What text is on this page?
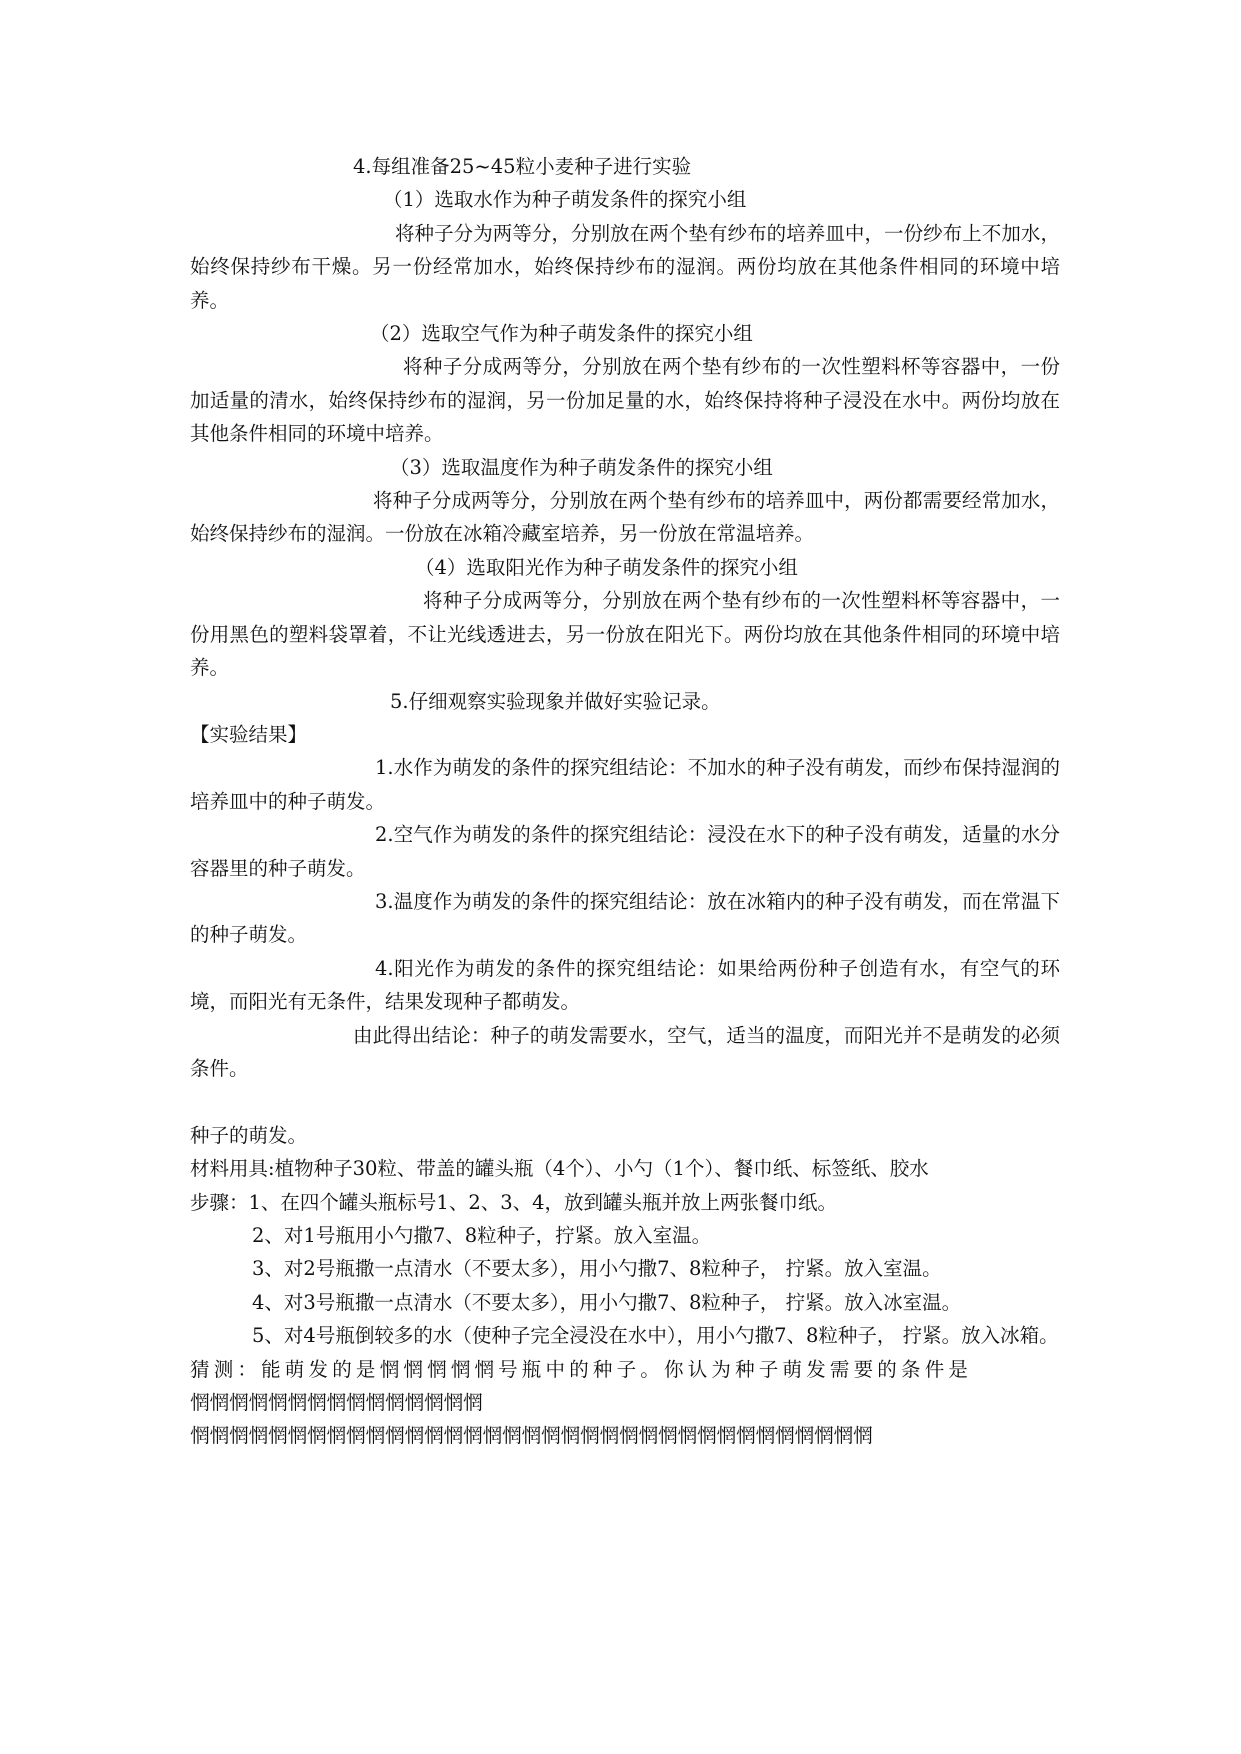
4.每组准备25~45粒小麦种子进行实验

（1）选取水作为种子萌发条件的探究小组

将种子分为两等分，分别放在两个垫有纱布的培养皿中，一份纱布上不加水，始终保持纱布干燥。另一份经常加水，始终保持纱布的湿润。两份均放在其他条件相同的环境中培养。

（2）选取空气作为种子萌发条件的探究小组

将种子分成两等分，分别放在两个垫有纱布的一次性塑料杯等容器中，一份加适量的清水，始终保持纱布的湿润，另一份加足量的水，始终保持将种子浸没在水中。两份均放在其他条件相同的环境中培养。

（3）选取温度作为种子萌发条件的探究小组

将种子分成两等分，分别放在两个垫有纱布的培养皿中，两份都需要经常加水，始终保持纱布的湿润。一份放在冰箱冷藏室培养，另一份放在常温培养。

（4）选取阳光作为种子萌发条件的探究小组

将种子分成两等分，分别放在两个垫有纱布的一次性塑料杯等容器中，一份用黑色的塑料袋罩着，不让光线透进去，另一份放在阳光下。两份均放在其他条件相同的环境中培养。

5.仔细观察实验现象并做好实验记录。

【实验结果】

1.水作为萌发的条件的探究组结论：不加水的种子没有萌发，而纱布保持湿润的培养皿中的种子萌发。

2.空气作为萌发的条件的探究组结论：浸没在水下的种子没有萌发，适量的水分容器里的种子萌发。

3.温度作为萌发的条件的探究组结论：放在冰箱内的种子没有萌发，而在常温下的种子萌发。

4.阳光作为萌发的条件的探究组结论：如果给两份种子创造有水，有空气的环境，而阳光有无条件，结果发现种子都萌发。

由此得出结论：种子的萌发需要水，空气，适当的温度，而阳光并不是萌发的必须条件。

种子的萌发。

材料用具:植物种子30粒、带盖的罐头瓶（4个）、小勺（1个）、餐巾纸、标签纸、胶水

步骤：1、在四个罐头瓶标号1、2、3、4，放到罐头瓶并放上两张餐巾纸。

2、对1号瓶用小勺撒7、8粒种子，拧紧。放入室温。

3、对2号瓶撒一点清水（不要太多），用小勺撒7、8粒种子， 拧紧。放入室温。

4、对3号瓶撒一点清水（不要太多），用小勺撒7、8粒种子， 拧紧。放入冰室温。

5、对4号瓶倒较多的水（使种子完全浸没在水中），用小勺撒7、8粒种子， 拧紧。放入冰箱。

猜测：能萌发的是惘惘惘惘惘号瓶中的种子。你认为种子萌发需要的条件是

惘惘惘惘惘惘惘惘惘惘惘惘惘惘惘

惘惘惘惘惘惘惘惘惘惘惘惘惘惘惘惘惘惘惘惘惘惘惘惘惘惘惘惘惘惘惘惘惘惘惘
